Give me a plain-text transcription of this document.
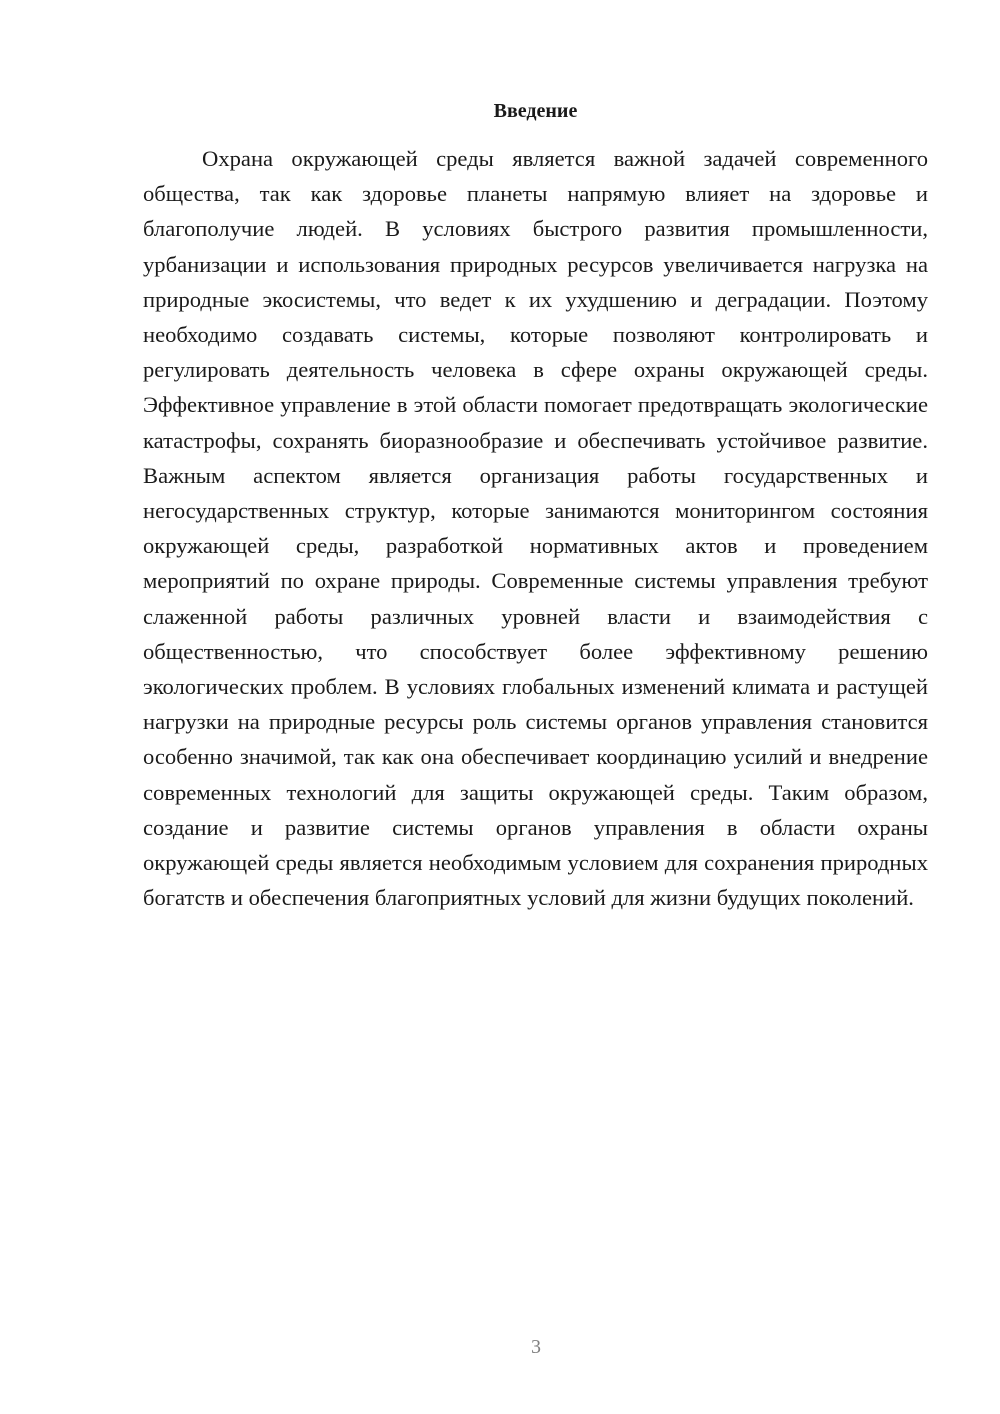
Введение

Охрана окружающей среды является важной задачей современного общества, так как здоровье планеты напрямую влияет на здоровье и благополучие людей. В условиях быстрого развития промышленности, урбанизации и использования природных ресурсов увеличивается нагрузка на природные экосистемы, что ведет к их ухудшению и деградации. Поэтому необходимо создавать системы, которые позволяют контролировать и регулировать деятельность человека в сфере охраны окружающей среды. Эффективное управление в этой области помогает предотвращать экологические катастрофы, сохранять биоразнообразие и обеспечивать устойчивое развитие. Важным аспектом является организация работы государственных и негосударственных структур, которые занимаются мониторингом состояния окружающей среды, разработкой нормативных актов и проведением мероприятий по охране природы. Современные системы управления требуют слаженной работы различных уровней власти и взаимодействия с общественностью, что способствует более эффективному решению экологических проблем. В условиях глобальных изменений климата и растущей нагрузки на природные ресурсы роль системы органов управления становится особенно значимой, так как она обеспечивает координацию усилий и внедрение современных технологий для защиты окружающей среды. Таким образом, создание и развитие системы органов управления в области охраны окружающей среды является необходимым условием для сохранения природных богатств и обеспечения благоприятных условий для жизни будущих поколений.

3
